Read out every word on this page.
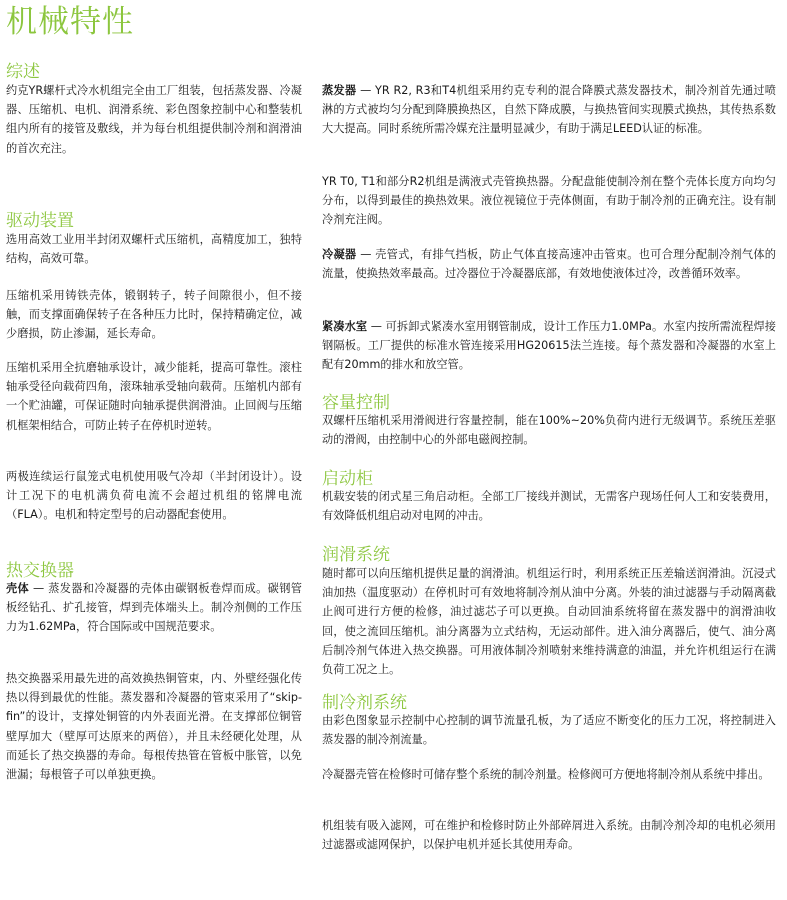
机械特性
综述

约克YR螺杆式冷水机组完全由工厂组装，包括蒸发器、冷凝器、压缩机、电机、润滑系统、彩色图象控制中心和整装机组内所有的接管及敷线，并为每台机组提供制冷剂和润滑油的首次充注。

驱动装置

选用高效工业用半封闭双螺杆式压缩机，高精度加工，独特结构，高效可靠。

压缩机采用铸铁壳体，锻钢转子，转子间隙很小，但不接触，而支撑面确保转子在各种压力比时，保持精确定位，减少磨损，防止渗漏，延长寿命。

压缩机采用全抗磨轴承设计，减少能耗，提高可靠性。滚柱轴承受径向载荷四角，滚珠轴承受轴向载荷。压缩机内部有一个贮油罐，可保证随时向轴承提供润滑油。止回阀与压缩机框架相结合，可防止转子在停机时逆转。

两极连续运行鼠笼式电机使用吸气冷却（半封闭设计）。设计工况下的电机满负荷电流不会超过机组的铭牌电流（FLA）。电机和特定型号的启动器配套使用。

热交换器

壳体 — 蒸发器和冷凝器的壳体由碳钢板卷焊而成。碳钢管板经钻孔、扩孔接管，焊到壳体端头上。制冷剂侧的工作压力为1.62MPa，符合国际或中国规范要求。

热交换器采用最先进的高效换热铜管束，内、外壁经强化传热以得到最优的性能。蒸发器和冷凝器的管束采用了“skip-fin”的设计，支撑处铜管的内外表面光滑。在支撑部位铜管壁厚加大（壁厚可达原来的两倍），并且未经硬化处理，从而延长了热交换器的寿命。每根传热管在管板中胀管，以免泄漏；每根管子可以单独更换。

蒸发器 — YR R2, R3和T4机组采用约克专利的混合降膜式蒸发器技术，制冷剂首先通过喷淋的方式被均匀分配到降膜换热区，自然下降成膜，与换热管间实现膜式换热，其传热系数大大提高。同时系统所需冷媒充注量明显减少，有助于满足LEED认证的标准。

YR T0, T1和部分R2机组是满液式壳管换热器。分配盘能使制冷剂在整个壳体长度方向均匀分布，以得到最佳的换热效果。液位视镜位于壳体侧面，有助于制冷剂的正确充注。设有制冷剂充注阀。

冷凝器 — 壳管式，有排气挡板，防止气体直接高速冲击管束。也可合理分配制冷剂气体的流量，使换热效率最高。过冷器位于冷凝器底部，有效地使液体过冷，改善循环效率。

紧凑水室 — 可拆卸式紧凑水室用钢管制成，设计工作压力1.0MPa。水室内按所需流程焊接钢隔板。工厂提供的标准水管连接采用HG20615法兰连接。每个蒸发器和冷凝器的水室上配有20mm的排水和放空管。

容量控制

双螺杆压缩机采用滑阀进行容量控制，能在100%~20%负荷内进行无级调节。系统压差驱动的滑阀，由控制中心的外部电磁阀控制。

启动柜

机载安装的闭式星三角启动柜。全部工厂接线并测试，无需客户现场任何人工和安装费用，有效降低机组启动对电网的冲击。

润滑系统

随时都可以向压缩机提供足量的润滑油。机组运行时，利用系统正压差输送润滑油。沉浸式油加热（温度驱动）在停机时可有效地将制冷剂从油中分离。外装的油过滤器与手动隔离截止阀可进行方便的检修，油过滤芯子可以更换。自动回油系统将留在蒸发器中的润滑油收回，使之流回压缩机。油分离器为立式结构，无运动部件。进入油分离器后，使气、油分离后制冷剂气体进入热交换器。可用液体制冷剂喷射来维持满意的油温，并允许机组运行在满负荷工况之上。

制冷剂系统

由彩色图象显示控制中心控制的调节流量孔板，为了适应不断变化的压力工况，将控制进入蒸发器的制冷剂流量。

冷凝器壳管在检修时可储存整个系统的制冷剂量。检修阀可方便地将制冷剂从系统中排出。

机组装有吸入滤网，可在维护和检修时防止外部碎屑进入系统。由制冷剂冷却的电机必须用过滤器或滤网保护，以保护电机并延长其使用寿命。
